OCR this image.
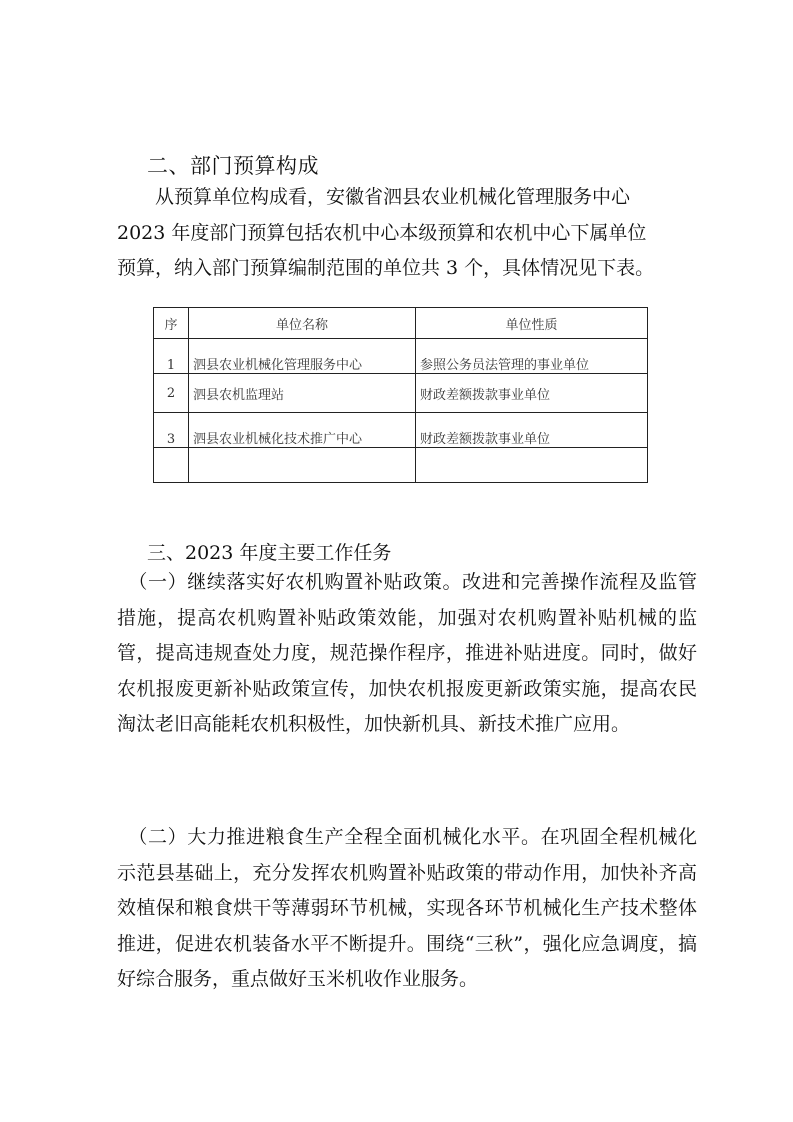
二、部门预算构成
从预算单位构成看，安徽省泗县农业机械化管理服务中心
2023 年度部门预算包括农机中心本级预算和农机中心下属单位
预算，纳入部门预算编制范围的单位共 3 个，具体情况见下表。
序	单位名称	单位性质
1	泗县农业机械化管理服务中心	参照公务员法管理的事业单位
2	泗县农机监理站	财政差额拨款事业单位
3	泗县农业机械化技术推广中心	财政差额拨款事业单位

三、2023 年度主要工作任务
（一）继续落实好农机购置补贴政策。改进和完善操作流程及监管措施，提高农机购置补贴政策效能，加强对农机购置补贴机械的监管，提高违规查处力度，规范操作程序，推进补贴进度。同时，做好农机报废更新补贴政策宣传，加快农机报废更新政策实施，提高农民淘汰老旧高能耗农机积极性，加快新机具、新技术推广应用。
（二）大力推进粮食生产全程全面机械化水平。在巩固全程机械化示范县基础上，充分发挥农机购置补贴政策的带动作用，加快补齐高效植保和粮食烘干等薄弱环节机械，实现各环节机械化生产技术整体推进，促进农机装备水平不断提升。围绕“三秋”，强化应急调度，搞好综合服务，重点做好玉米机收作业服务。
